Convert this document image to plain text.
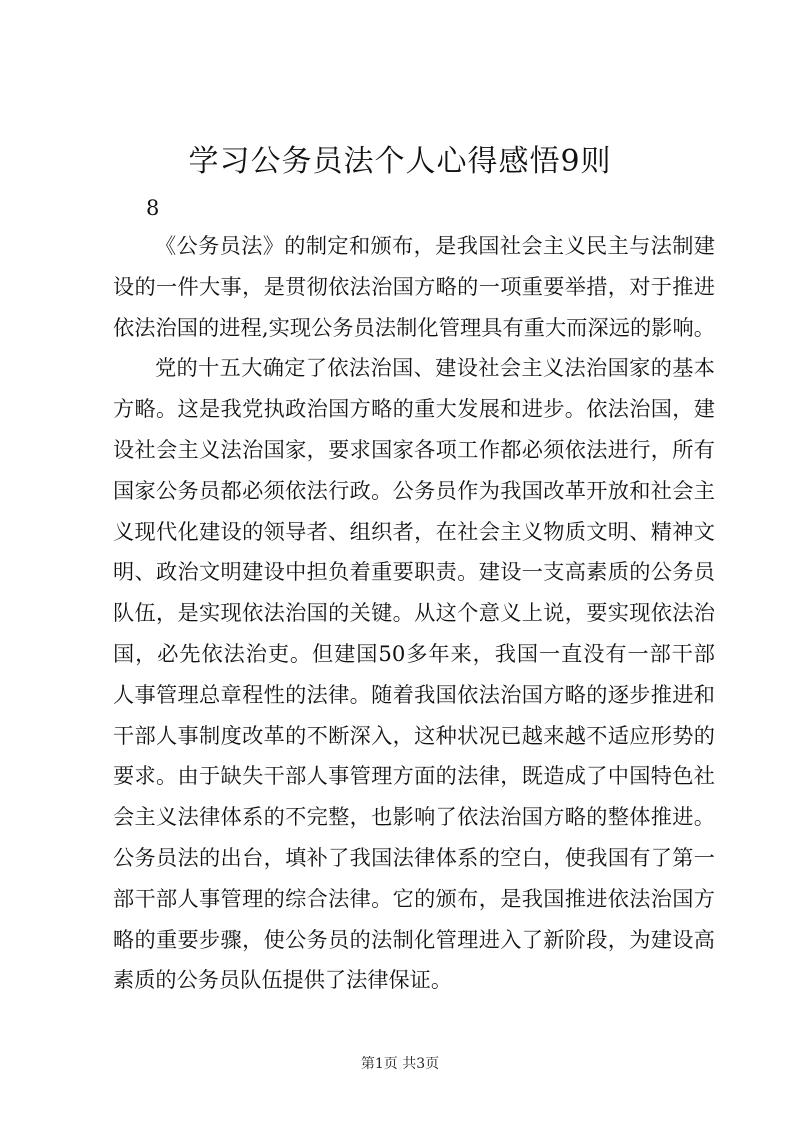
学习公务员法个人心得感悟9则
8
《公务员法》的制定和颁布，是我国社会主义民主与法制建
设的一件大事，是贯彻依法治国方略的一项重要举措，对于推进
依法治国的进程,实现公务员法制化管理具有重大而深远的影响。
党的十五大确定了依法治国、建设社会主义法治国家的基本
方略。这是我党执政治国方略的重大发展和进步。依法治国，建
设社会主义法治国家，要求国家各项工作都必须依法进行，所有
国家公务员都必须依法行政。公务员作为我国改革开放和社会主
义现代化建设的领导者、组织者，在社会主义物质文明、精神文
明、政治文明建设中担负着重要职责。建设一支高素质的公务员
队伍，是实现依法治国的关键。从这个意义上说，要实现依法治
国，必先依法治吏。但建国50多年来，我国一直没有一部干部
人事管理总章程性的法律。随着我国依法治国方略的逐步推进和
干部人事制度改革的不断深入，这种状况已越来越不适应形势的
要求。由于缺失干部人事管理方面的法律，既造成了中国特色社
会主义法律体系的不完整，也影响了依法治国方略的整体推进。
公务员法的出台，填补了我国法律体系的空白，使我国有了第一
部干部人事管理的综合法律。它的颁布，是我国推进依法治国方
略的重要步骤，使公务员的法制化管理进入了新阶段，为建设高
素质的公务员队伍提供了法律保证。
第1页 共3页
